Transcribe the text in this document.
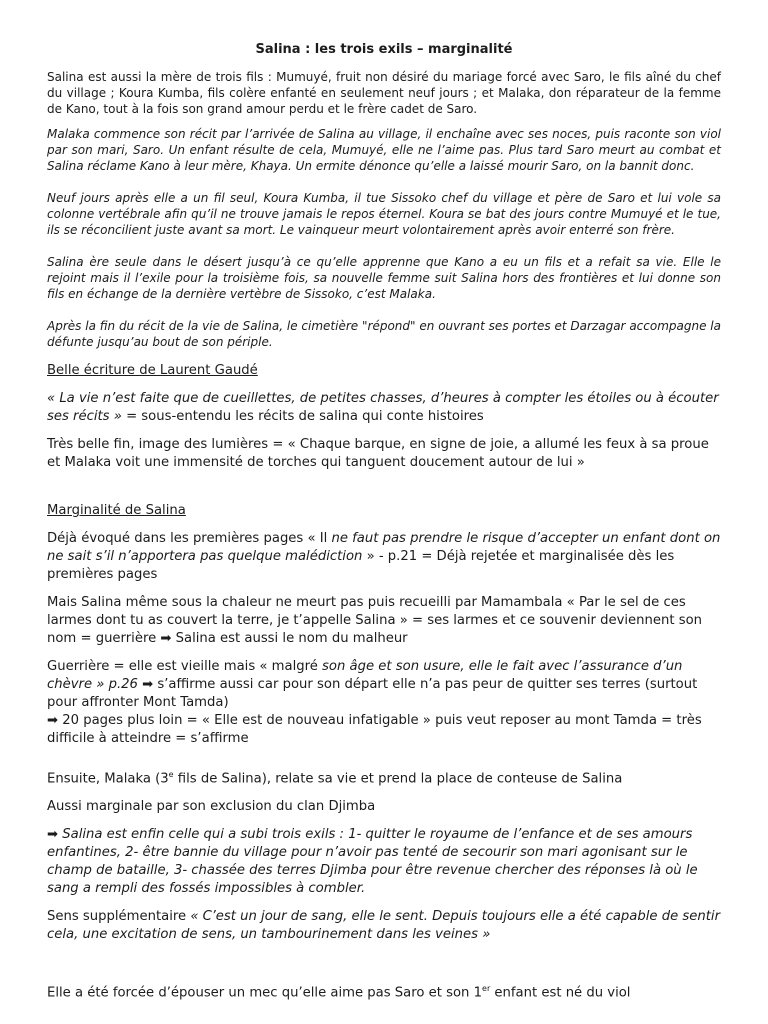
Salina : les trois exils – marginalité

Salina est aussi la mère de trois fils : Mumuyé, fruit non désiré du mariage forcé avec Saro, le fils aîné du chef du village ; Koura Kumba, fils colère enfanté en seulement neuf jours ; et Malaka, don réparateur de la femme de Kano, tout à la fois son grand amour perdu et le frère cadet de Saro.

Malaka commence son récit par l’arrivée de Salina au village, il enchaîne avec ses noces, puis raconte son viol par son mari, Saro. Un enfant résulte de cela, Mumuyé, elle ne l’aime pas. Plus tard Saro meurt au combat et Salina réclame Kano à leur mère, Khaya. Un ermite dénonce qu’elle a laissé mourir Saro, on la bannit donc.

Neuf jours après elle a un fil seul, Koura Kumba, il tue Sissoko chef du village et père de Saro et lui vole sa colonne vertébrale afin qu’il ne trouve jamais le repos éternel. Koura se bat des jours contre Mumuyé et le tue, ils se réconcilient juste avant sa mort. Le vainqueur meurt volontairement après avoir enterré son frère.

Salina ère seule dans le désert jusqu’à ce qu’elle apprenne que Kano a eu un fils et a refait sa vie. Elle le rejoint mais il l’exile pour la troisième fois, sa nouvelle femme suit Salina hors des frontières et lui donne son fils en échange de la dernière vertèbre de Sissoko, c’est Malaka.

Après la fin du récit de la vie de Salina, le cimetière "répond" en ouvrant ses portes et Darzagar accompagne la défunte jusqu’au bout de son périple.

Belle écriture de Laurent Gaudé

« La vie n’est faite que de cueillettes, de petites chasses, d’heures à compter les étoiles ou à écouter ses récits » = sous-entendu les récits de salina qui conte histoires

Très belle fin, image des lumières = « Chaque barque, en signe de joie, a allumé les feux à sa proue et Malaka voit une immensité de torches qui tanguent doucement autour de lui »

Marginalité de Salina

Déjà évoqué dans les premières pages « Il ne faut pas prendre le risque d’accepter un enfant dont on ne sait s’il n’apportera pas quelque malédiction » - p.21 = Déjà rejetée et marginalisée dès les premières pages

Mais Salina même sous la chaleur ne meurt pas puis recueilli par Mamambala « Par le sel de ces larmes dont tu as couvert la terre, je t’appelle Salina » = ses larmes et ce souvenir deviennent son nom = guerrière ➡ Salina est aussi le nom du malheur

Guerrière = elle est vieille mais « malgré son âge et son usure, elle le fait avec l’assurance d’un chèvre » p.26 ➡ s’affirme aussi car pour son départ elle n’a pas peur de quitter ses terres (surtout pour affronter Mont Tamda)

➡ 20 pages plus loin = « Elle est de nouveau infatigable » puis veut reposer au mont Tamda = très difficile à atteindre = s’affirme

Ensuite, Malaka (3e fils de Salina), relate sa vie et prend la place de conteuse de Salina

Aussi marginale par son exclusion du clan Djimba

➡ Salina est enfin celle qui a subi trois exils : 1- quitter le royaume de l’enfance et de ses amours enfantines, 2- être bannie du village pour n’avoir pas tenté de secourir son mari agonisant sur le champ de bataille, 3- chassée des terres Djimba pour être revenue chercher des réponses là où le sang a rempli des fossés impossibles à combler.

Sens supplémentaire « C’est un jour de sang, elle le sent. Depuis toujours elle a été capable de sentir cela, une excitation de sens, un tambourinement dans les veines »

Elle a été forcée d’épouser un mec qu’elle aime pas Saro et son 1er enfant est né du viol
